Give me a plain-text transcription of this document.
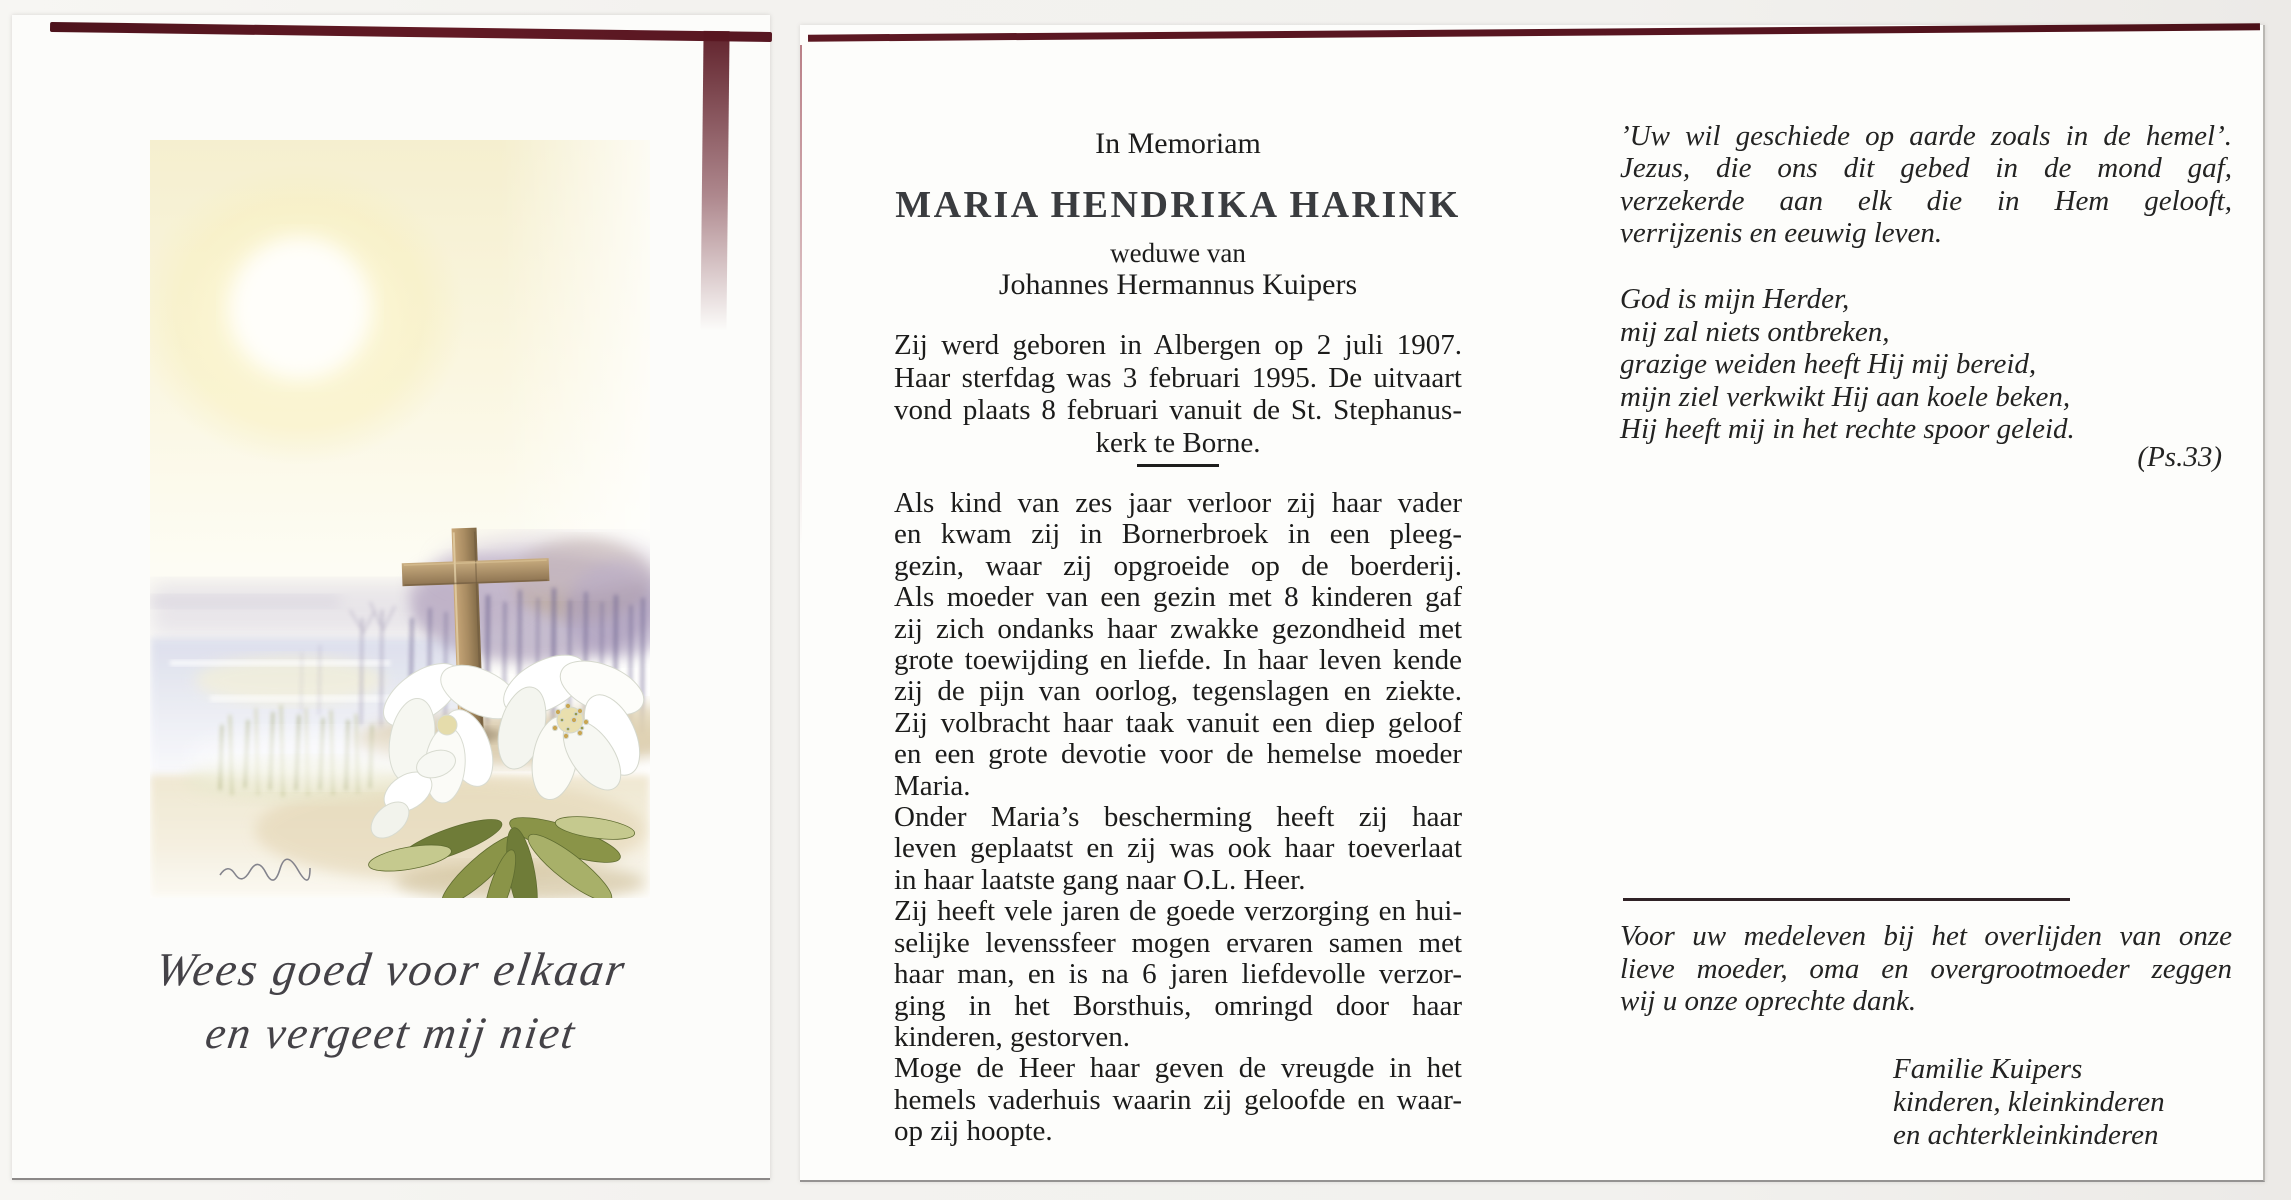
Wees goed voor elkaar
en vergeet mij niet
In Memoriam
MARIA HENDRIKA HARINK
weduwe van
Johannes Hermannus Kuipers
Zij werd geboren in Albergen op 2 juli 1907.
Haar sterfdag was 3 februari 1995. De uitvaart
vond plaats 8 februari vanuit de St. Stephanus-
kerk te Borne.
Als kind van zes jaar verloor zij haar vader
en kwam zij in Bornerbroek in een pleeg-
gezin, waar zij opgroeide op de boerderij.
Als moeder van een gezin met 8 kinderen gaf
zij zich ondanks haar zwakke gezondheid met
grote toewijding en liefde. In haar leven kende
zij de pijn van oorlog, tegenslagen en ziekte.
Zij volbracht haar taak vanuit een diep geloof
en een grote devotie voor de hemelse moeder
Maria.
Onder Maria’s bescherming heeft zij haar
leven geplaatst en zij was ook haar toeverlaat
in haar laatste gang naar O.L. Heer.
Zij heeft vele jaren de goede verzorging en hui-
selijke levenssfeer mogen ervaren samen met
haar man, en is na 6 jaren liefdevolle verzor-
ging in het Borsthuis, omringd door haar
kinderen, gestorven.
Moge de Heer haar geven de vreugde in het
hemels vaderhuis waarin zij geloofde en waar-
op zij hoopte.
’Uw wil geschiede op aarde zoals in de hemel’.
Jezus, die ons dit gebed in de mond gaf,
verzekerde aan elk die in Hem gelooft,
verrijzenis en eeuwig leven.
God is mijn Herder,
mij zal niets ontbreken,
grazige weiden heeft Hij mij bereid,
mijn ziel verkwikt Hij aan koele beken,
Hij heeft mij in het rechte spoor geleid.
(Ps.33)
Voor uw medeleven bij het overlijden van onze
lieve moeder, oma en overgrootmoeder zeggen
wij u onze oprechte dank.
Familie Kuipers
kinderen, kleinkinderen
en achterkleinkinderen
